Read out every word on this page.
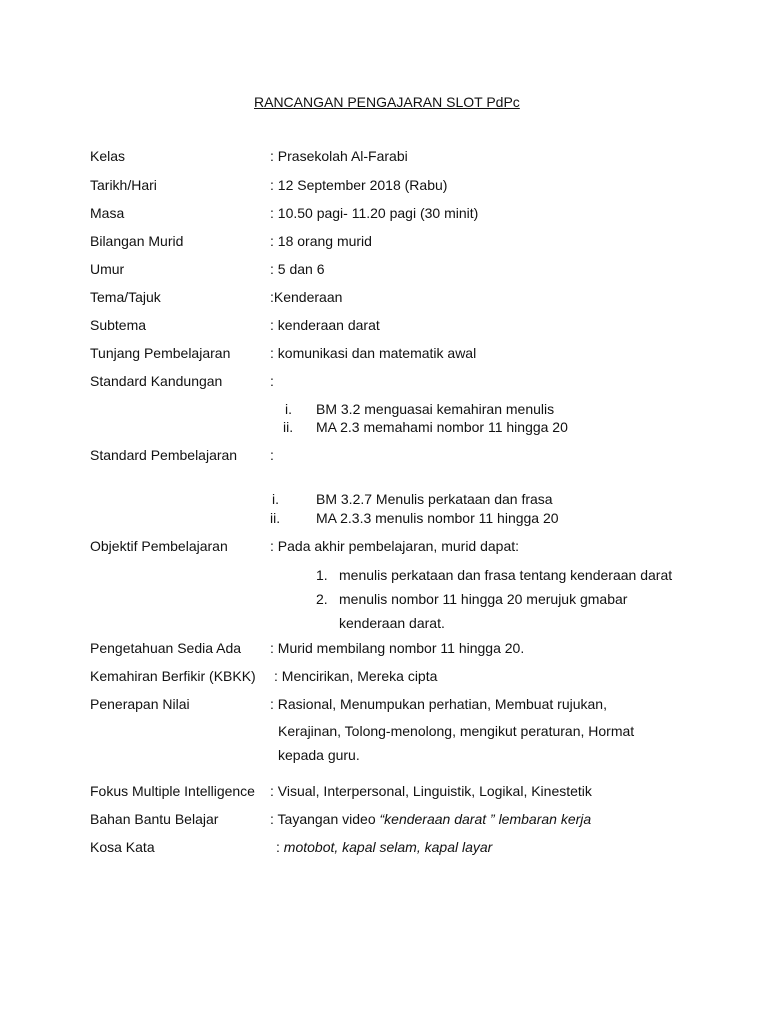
RANCANGAN PENGAJARAN SLOT PdPc
Kelas	: Prasekolah Al-Farabi
Tarikh/Hari	: 12 September 2018 (Rabu)
Masa	: 10.50 pagi- 11.20 pagi (30 minit)
Bilangan Murid	: 18 orang murid
Umur	: 5 dan 6
Tema/Tajuk	:Kenderaan
Subtema	: kenderaan darat
Tunjang Pembelajaran	: komunikasi dan matematik awal
Standard Kandungan	:
i. BM 3.2 menguasai kemahiran menulis
ii. MA 2.3 memahami nombor 11 hingga 20
Standard Pembelajaran :
i.	BM 3.2.7 Menulis perkataan dan frasa
ii.	MA 2.3.3 menulis nombor 11 hingga 20
Objektif Pembelajaran	: Pada akhir pembelajaran, murid dapat:
1. menulis perkataan dan frasa tentang kenderaan darat
2. menulis nombor 11 hingga 20 merujuk gmabar
kenderaan darat.
Pengetahuan Sedia Ada : Murid membilang nombor 11 hingga 20.
Kemahiran Berfikir (KBKK) : Mencirikan, Mereka cipta
Penerapan Nilai	: Rasional, Menumpukan perhatian, Membuat rujukan,
Kerajinan, Tolong-menolong, mengikut peraturan, Hormat
kepada guru.
Fokus Multiple Intelligence : Visual, Interpersonal, Linguistik, Logikal, Kinestetik
Bahan Bantu Belajar	: Tayangan video “kenderaan darat ” lembaran kerja
Kosa Kata	: motobot, kapal selam, kapal layar
